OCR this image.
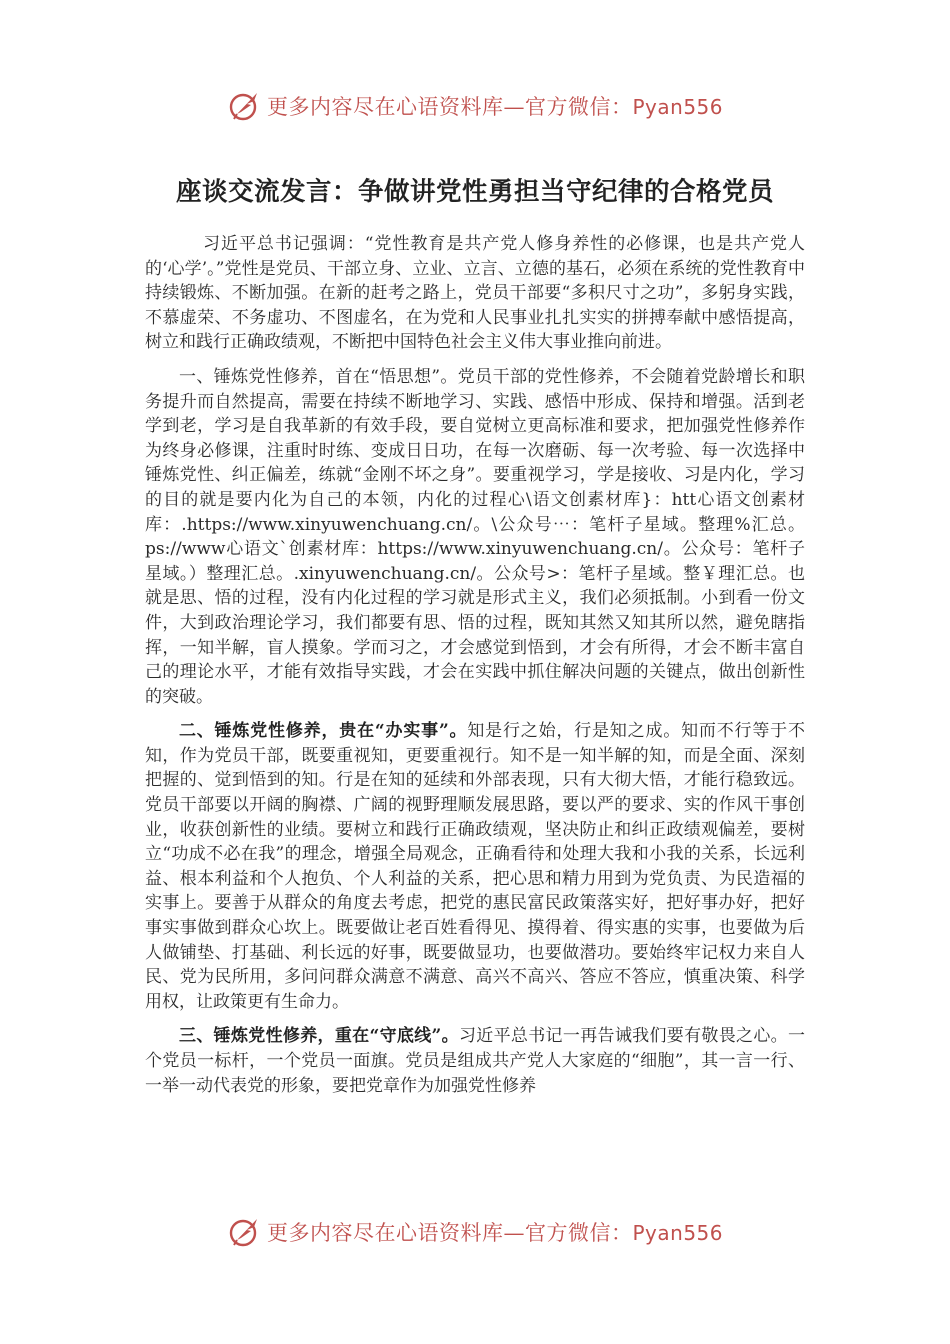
更多内容尽在心语资料库—官方微信：Pyan556
座谈交流发言：争做讲党性勇担当守纪律的合格党员

习近平总书记强调：“党性教育是共产党人修身养性的必修课，也是共产党人的‘心学’。”党性是党员、干部立身、立业、立言、立德的基石，必须在系统的党性教育中持续锻炼、不断加强。在新的赶考之路上，党员干部要“多积尺寸之功”，多躬身实践，不慕虚荣、不务虚功、不图虚名，在为党和人民事业扎扎实实的拼搏奉献中感悟提高，树立和践行正确政绩观，不断把中国特色社会主义伟大事业推向前进。

一、锤炼党性修养，首在“悟思想”。党员干部的党性修养，不会随着党龄增长和职务提升而自然提高，需要在持续不断地学习、实践、感悟中形成、保持和增强。活到老学到老，学习是自我革新的有效手段，要自觉树立更高标准和要求，把加强党性修养作为终身必修课，注重时时练、变成日日功，在每一次磨砺、每一次考验、每一次选择中锤炼党性、纠正偏差，练就“金刚不坏之身”。要重视学习，学是接收、习是内化，学习的目的就是要内化为自己的本领，内化的过程心\语文创素材库}：htt心语文创素材库：.https://www.xinyuwenchuang.cn/。\公众号⋯：笔杆子星域。整理%汇总。ps://www心语文`创素材库：https://www.xinyuwenchuang.cn/。公众号：笔杆子星域。）整理汇总。.xinyuwenchuang.cn/。公众号>：笔杆子星域。整￥理汇总。也就是思、悟的过程，没有内化过程的学习就是形式主义，我们必须抵制。小到看一份文件，大到政治理论学习，我们都要有思、悟的过程，既知其然又知其所以然，避免瞎指挥，一知半解，盲人摸象。学而习之，才会感觉到悟到，才会有所得，才会不断丰富自己的理论水平，才能有效指导实践，才会在实践中抓住解决问题的关键点，做出创新性的突破。

二、锤炼党性修养，贵在“办实事”。知是行之始，行是知之成。知而不行等于不知，作为党员干部，既要重视知，更要重视行。知不是一知半解的知，而是全面、深刻把握的、觉到悟到的知。行是在知的延续和外部表现，只有大彻大悟，才能行稳致远。党员干部要以开阔的胸襟、广阔的视野理顺发展思路，要以严的要求、实的作风干事创业，收获创新性的业绩。要树立和践行正确政绩观，坚决防止和纠正政绩观偏差，要树立“功成不必在我”的理念，增强全局观念，正确看待和处理大我和小我的关系，长远利益、根本利益和个人抱负、个人利益的关系，把心思和精力用到为党负责、为民造福的实事上。要善于从群众的角度去考虑，把党的惠民富民政策落实好，把好事办好，把好事实事做到群众心坎上。既要做让老百姓看得见、摸得着、得实惠的实事，也要做为后人做铺垫、打基础、利长远的好事，既要做显功，也要做潜功。要始终牢记权力来自人民、党为民所用，多问问群众满意不满意、高兴不高兴、答应不答应，慎重决策、科学用权，让政策更有生命力。

三、锤炼党性修养，重在“守底线”。习近平总书记一再告诫我们要有敬畏之心。一个党员一标杆，一个党员一面旗。党员是组成共产党人大家庭的“细胞”，其一言一行、一举一动代表党的形象，要把党章作为加强党性修养

更多内容尽在心语资料库—官方微信：Pyan556
